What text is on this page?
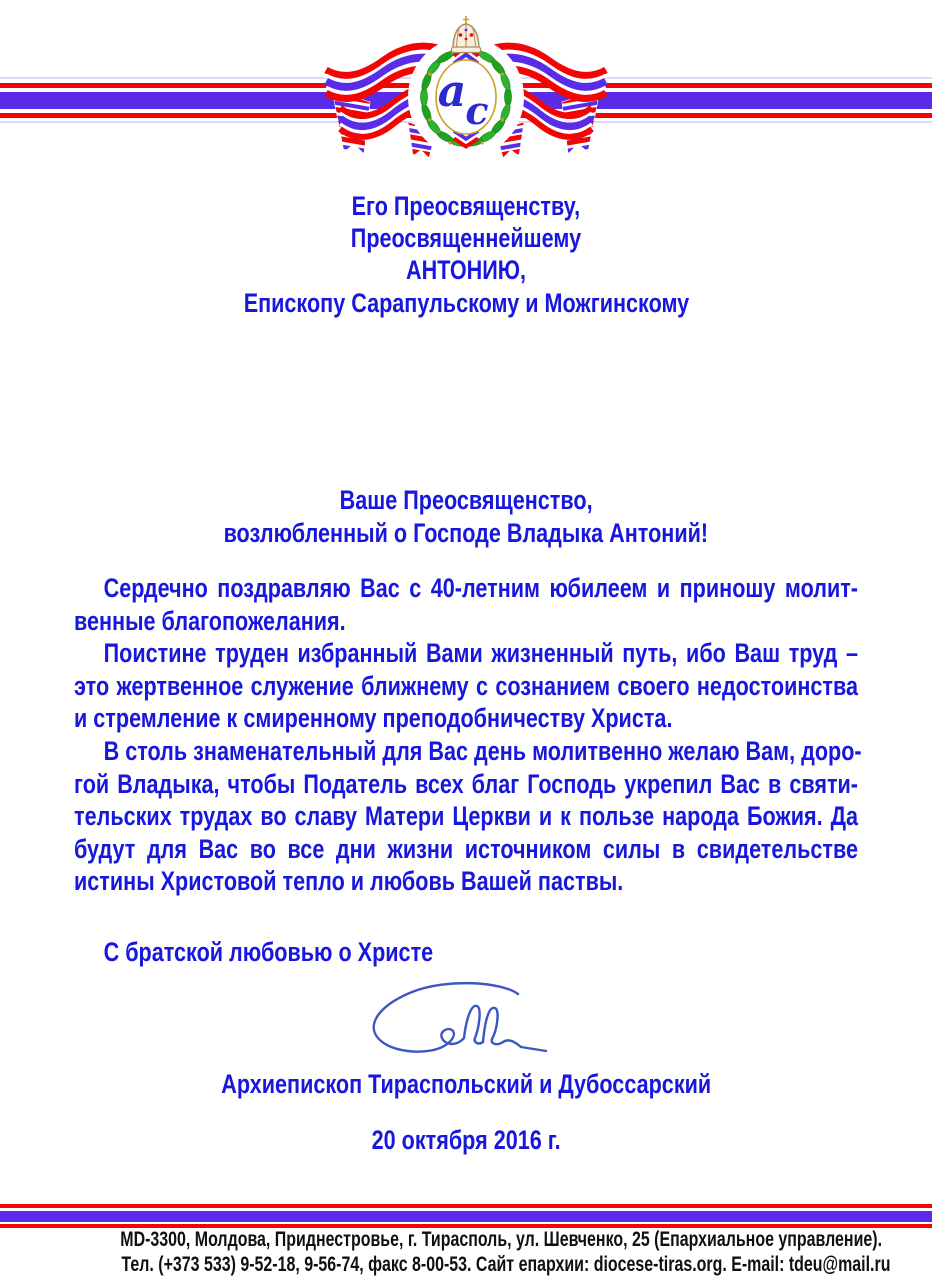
а с
Его Преосвященству,
Преосвященнейшему
АНТОНИЮ,
Епископу Сарапульскому и Можгинскому
Ваше Преосвященство,
возлюбленный о Господе Владыка Антоний!
Сердечно поздравляю Вас с 40-летним юбилеем и приношу молит-
венные благопожелания.
Поистине труден избранный Вами жизненный путь, ибо Ваш труд –
это жертвенное служение ближнему с сознанием своего недостоинства
и стремление к смиренному преподобничеству Христа.
В столь знаменательный для Вас день молитвенно желаю Вам, доро-
гой Владыка, чтобы Податель всех благ Господь укрепил Вас в святи-
тельских трудах во славу Матери Церкви и к пользе народа Божия. Да
будут для Вас во все дни жизни источником силы в свидетельстве
истины Христовой тепло и любовь Вашей паствы.
С братской любовью о Христе
Архиепископ Тираспольский и Дубоссарский
20 октября 2016 г.
MD-3300, Молдова, Приднестровье, г. Тирасполь, ул. Шевченко, 25 (Епархиальное управление).
Тел. (+373 533) 9-52-18, 9-56-74, факс 8-00-53. Сайт епархии: diocese-tiras.org. E-mail: tdeu@mail.ru
